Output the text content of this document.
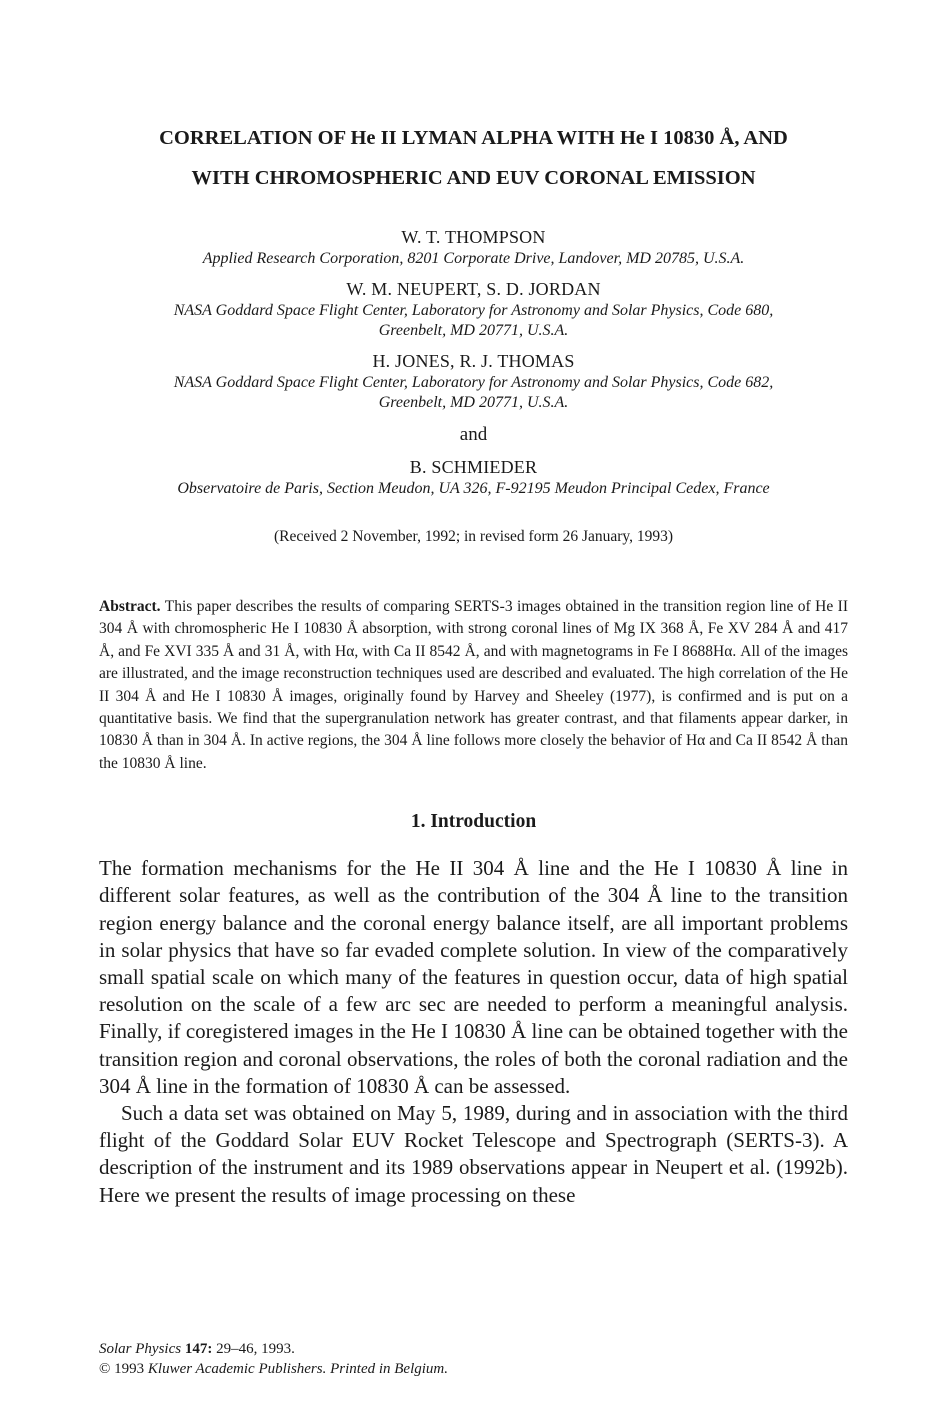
CORRELATION OF He II LYMAN ALPHA WITH He I 10830 Å, AND
WITH CHROMOSPHERIC AND EUV CORONAL EMISSION
W. T. THOMPSON
Applied Research Corporation, 8201 Corporate Drive, Landover, MD 20785, U.S.A.
W. M. NEUPERT, S. D. JORDAN
NASA Goddard Space Flight Center, Laboratory for Astronomy and Solar Physics, Code 680,
Greenbelt, MD 20771, U.S.A.
H. JONES, R. J. THOMAS
NASA Goddard Space Flight Center, Laboratory for Astronomy and Solar Physics, Code 682,
Greenbelt, MD 20771, U.S.A.
and
B. SCHMIEDER
Observatoire de Paris, Section Meudon, UA 326, F-92195 Meudon Principal Cedex, France
(Received 2 November, 1992; in revised form 26 January, 1993)
Abstract. This paper describes the results of comparing SERTS-3 images obtained in the transition region line of He II 304 Å with chromospheric He I 10830 Å absorption, with strong coronal lines of Mg IX 368 Å, Fe XV 284 Å and 417 Å, and Fe XVI 335 Å and 31 Å, with Hα, with Ca II 8542 Å, and with magnetograms in Fe I 8688Hα. All of the images are illustrated, and the image reconstruction techniques used are described and evaluated. The high correlation of the He II 304 Å and He I 10830 Å images, originally found by Harvey and Sheeley (1977), is confirmed and is put on a quantitative basis. We find that the supergranulation network has greater contrast, and that filaments appear darker, in 10830 Å than in 304 Å. In active regions, the 304 Å line follows more closely the behavior of Hα and Ca II 8542 Å than the 10830 Å line.
1. Introduction

The formation mechanisms for the He II 304 Å line and the He I 10830 Å line in different solar features, as well as the contribution of the 304 Å line to the transition region energy balance and the coronal energy balance itself, are all important problems in solar physics that have so far evaded complete solution. In view of the comparatively small spatial scale on which many of the features in question occur, data of high spatial resolution on the scale of a few arc sec are needed to perform a meaningful analysis. Finally, if coregistered images in the He I 10830 Å line can be obtained together with the transition region and coronal observations, the roles of both the coronal radiation and the 304 Å line in the formation of 10830 Å can be assessed.

Such a data set was obtained on May 5, 1989, during and in association with the third flight of the Goddard Solar EUV Rocket Telescope and Spectrograph (SERTS-3). A description of the instrument and its 1989 observations appear in Neupert et al. (1992b). Here we present the results of image processing on these

Solar Physics 147: 29–46, 1993.
© 1993 Kluwer Academic Publishers. Printed in Belgium.
